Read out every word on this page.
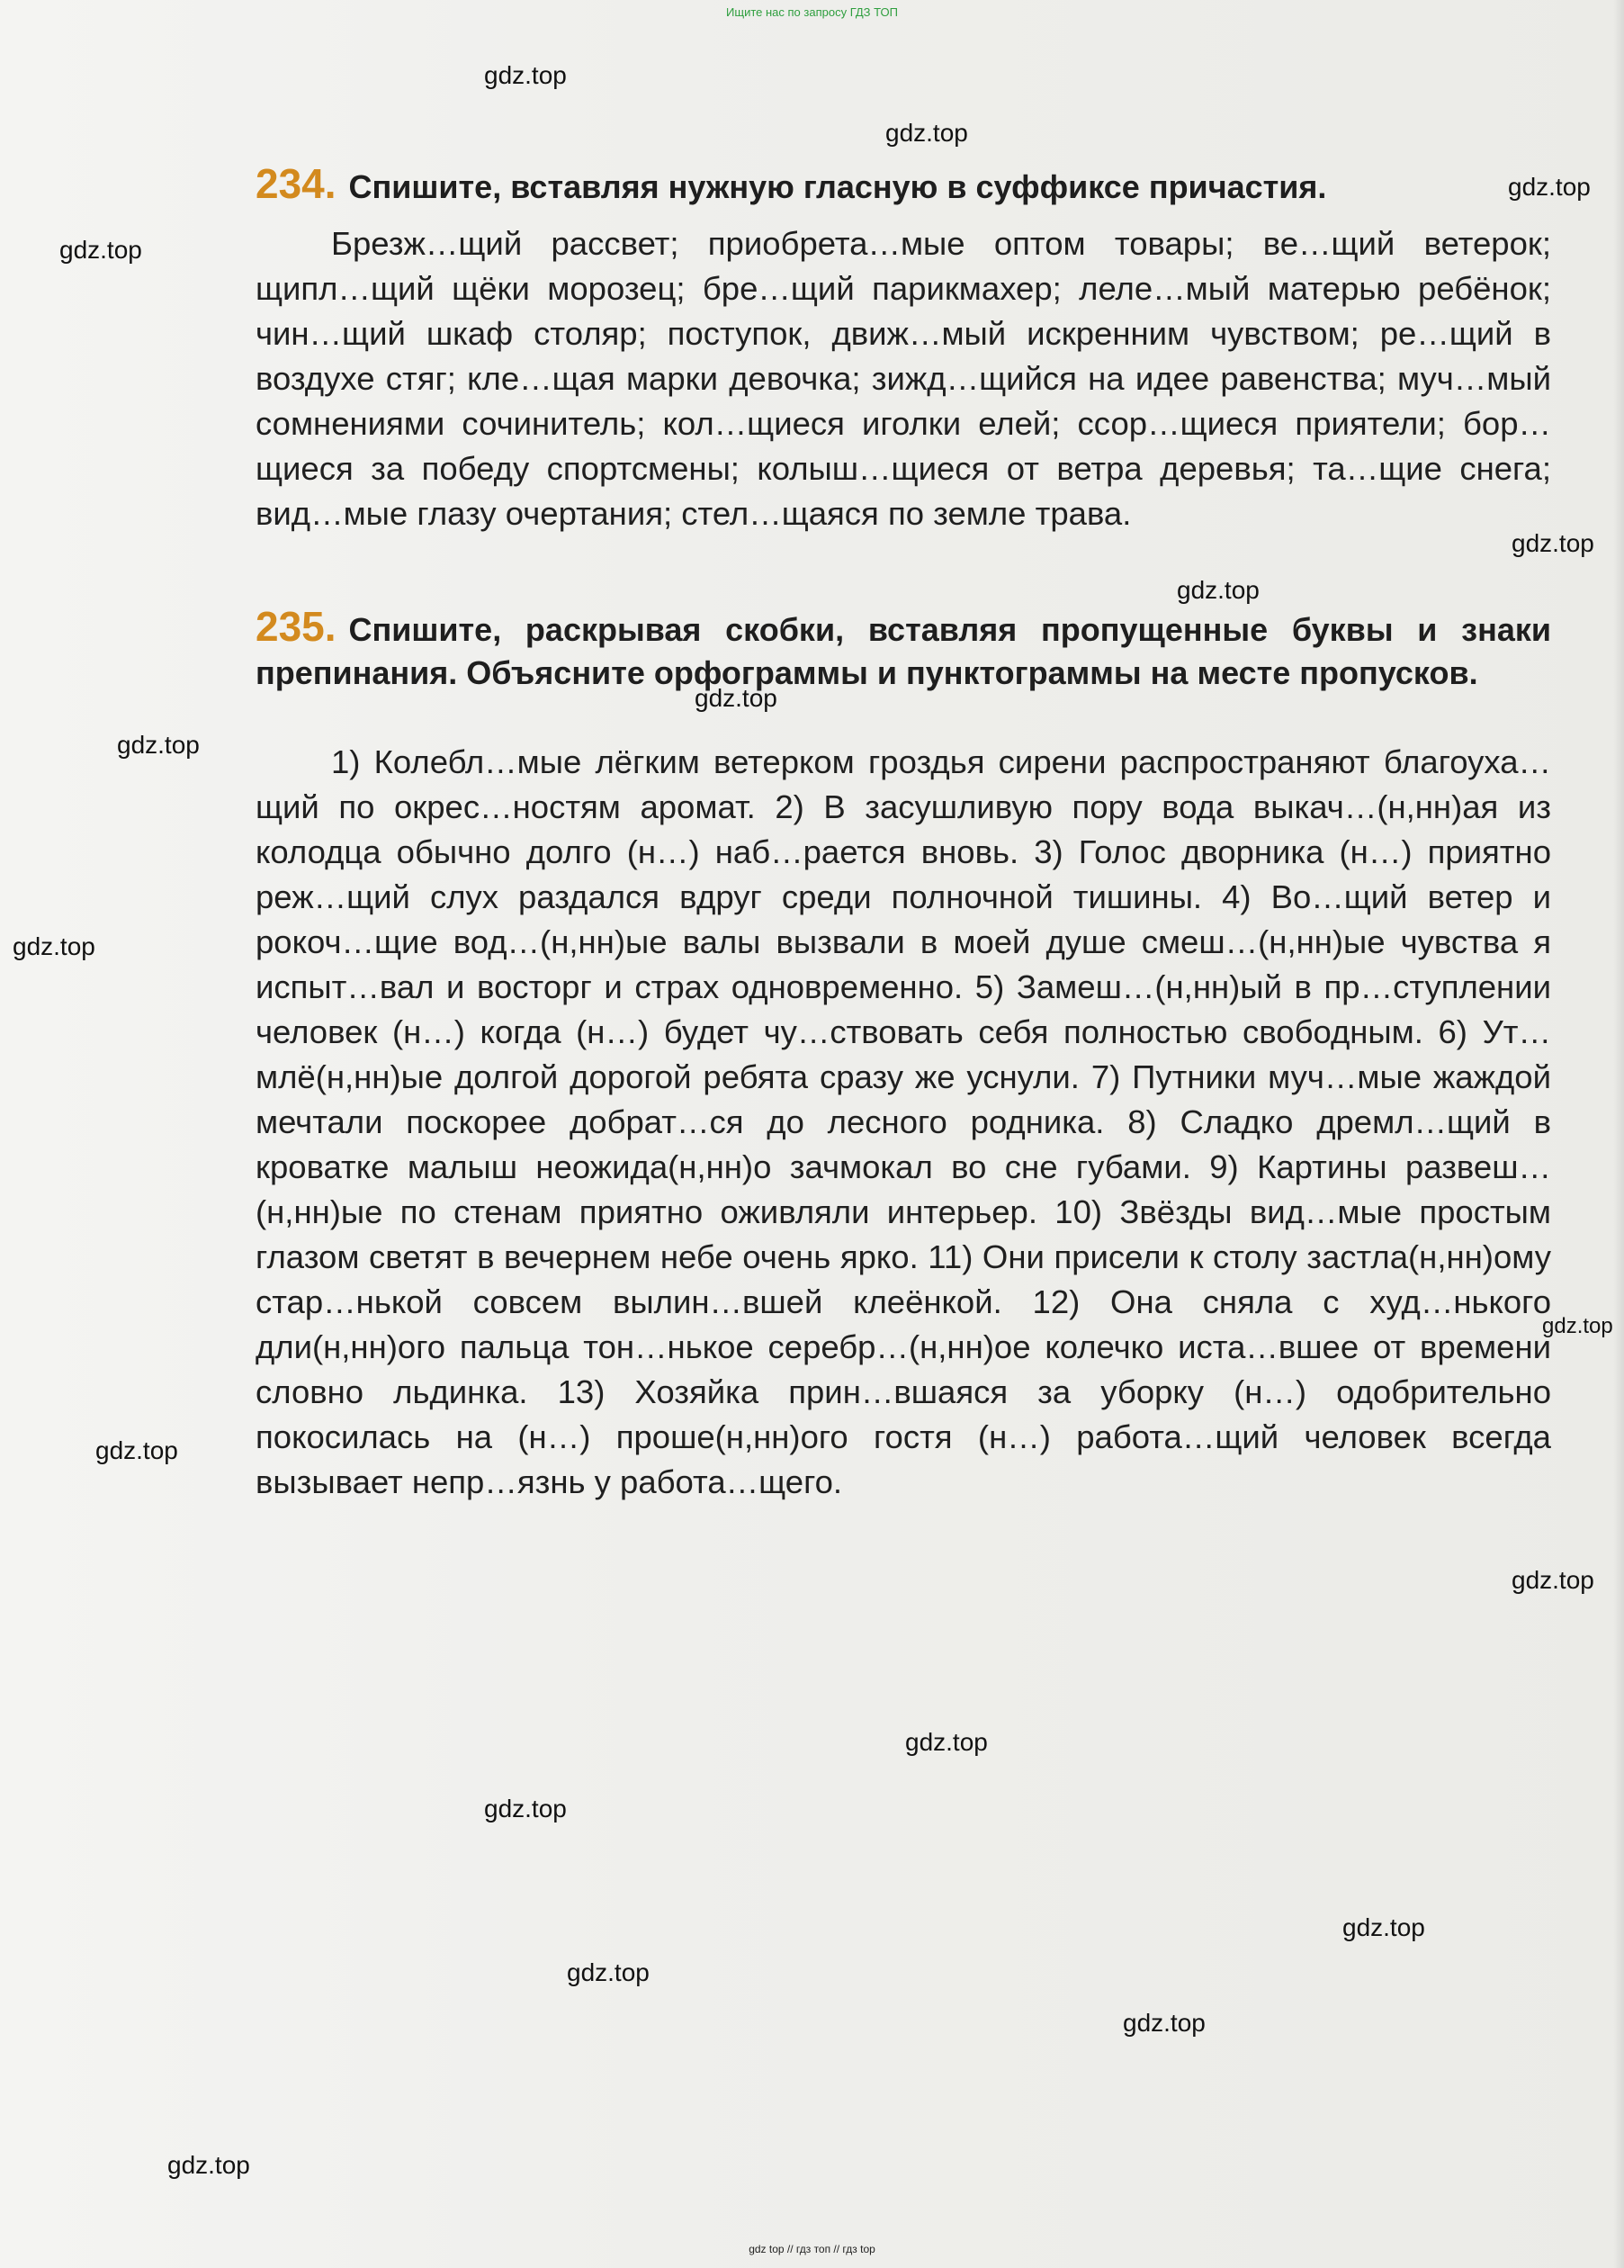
Ищите нас по запросу ГДЗ ТОП
234. Спишите, вставляя нужную гласную в суффиксе причастия.

Брезж…щий рассвет; приобрета…мые оптом товары; ве…щий ветерок; щипл…щий щёки морозец; бре…щий парикмахер; леле…мый матерью ребёнок; чин…щий шкаф столяр; поступок, движ…мый искренним чувством; ре…щий в воздухе стяг; кле…щая марки девочка; зижд…щийся на идее равенства; муч…мый сомнениями сочинитель; кол…щиеся иголки елей; ссор…щиеся приятели; бор…щиеся за победу спортсмены; колыш…щиеся от ветра деревья; та…щие снега; вид…мые глазу очертания; стел…щаяся по земле трава.

235. Спишите, раскрывая скобки, вставляя пропущенные буквы и знаки препинания. Объясните орфограммы и пунктограммы на месте пропусков.

1) Колебл…мые лёгким ветерком гроздья сирени распространяют благоуха…щий по окрес…ностям аромат. 2) В засушливую пору вода выкач…(н,нн)ая из колодца обычно долго (н…) наб…рается вновь. 3) Голос дворника (н…) приятно реж…щий слух раздался вдруг среди полночной тишины. 4) Во…щий ветер и рокоч…щие вод…(н,нн)ые валы вызвали в моей душе смеш…(н,нн)ые чувства я испыт…вал и восторг и страх одновременно. 5) Замеш…(н,нн)ый в пр…ступлении человек (н…) когда (н…) будет чу…ствовать себя полностью свободным. 6) Ут…млё(н,нн)ые долгой дорогой ребята сразу же уснули. 7) Путники муч…мые жаждой мечтали поскорее добрат…ся до лесного родника. 8) Сладко дремл…щий в кроватке малыш неожида(н,нн)о зачмокал во сне губами. 9) Картины развеш…(н,нн)ые по стенам приятно оживляли интерьер. 10) Звёзды вид…мые простым глазом светят в вечернем небе очень ярко. 11) Они присели к столу застла(н,нн)ому стар…нькой совсем вылин…вшей клеёнкой. 12) Она сняла с худ…нького дли(н,нн)ого пальца тон…нькое серебр…(н,нн)ое колечко иста…вшее от времени словно льдинка. 13) Хозяйка прин…вшаяся за уборку (н…) одобрительно покосилась на (н…) проше(н,нн)ого гостя (н…) работа…щий человек всегда вызывает непр…язнь у работа…щего.

gdz.top
gdz.top
gdz.top
gdz.top
gdz.top
gdz.top
gdz.top
gdz.top
gdz.top
gdz.top
gdz.top
gdz.top
gdz.top
gdz.top
gdz.top
gdz.top
gdz.top
gdz.top
gdz top // гдз топ // гдз top
